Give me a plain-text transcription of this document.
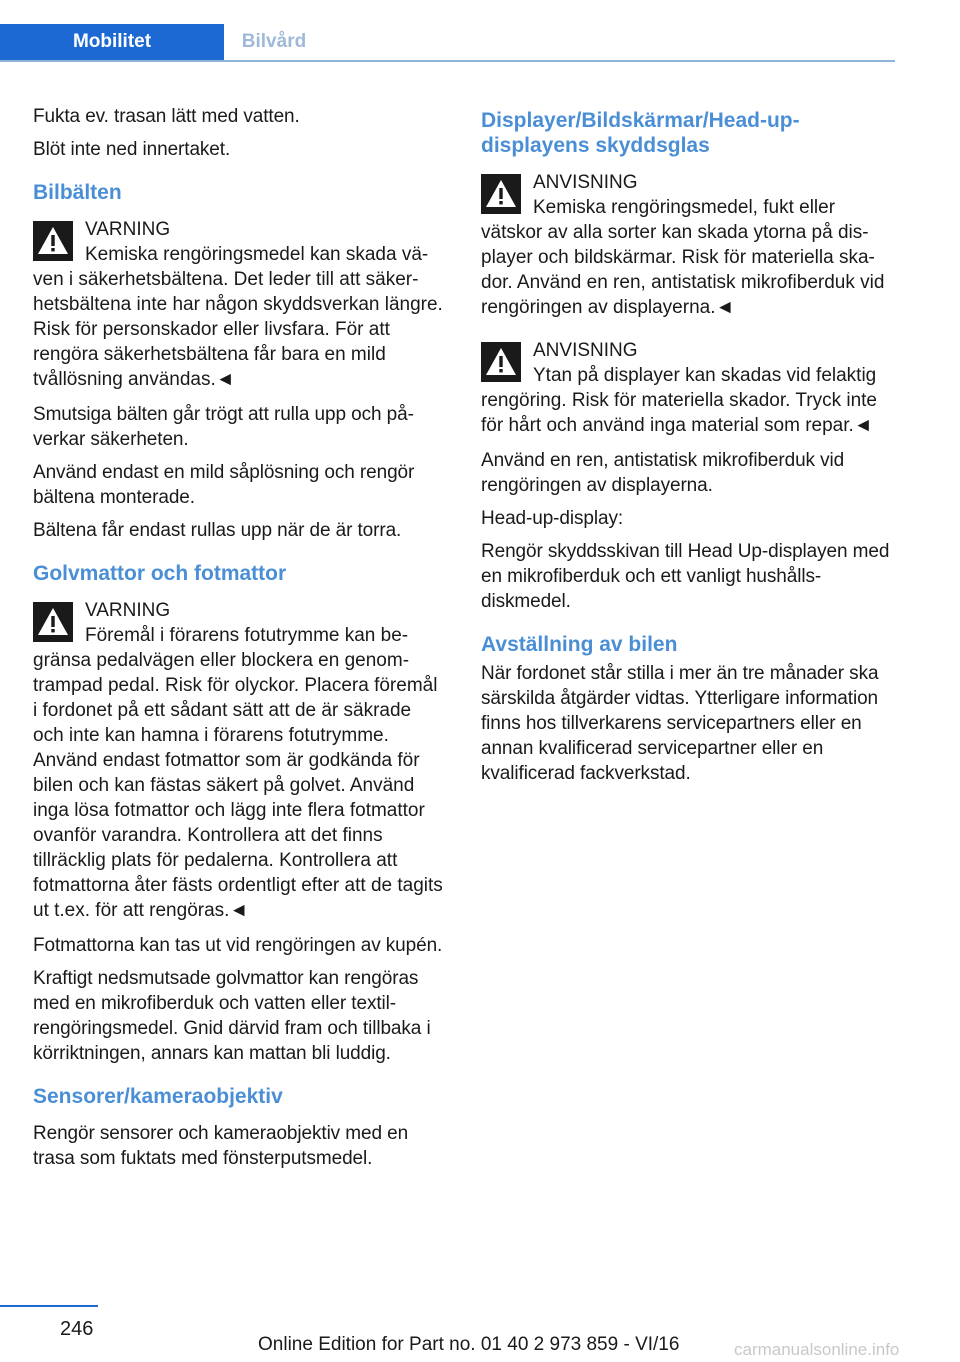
Mobilitet	Bilvård

Fukta ev. trasan lätt med vatten.

Blöt inte ned innertaket.

Bilbälten
VARNING
Kemiska rengöringsmedel kan skada väven i säkerhetsbältena. Det leder till att säkerhetsbältena inte har någon skyddsverkan längre. Risk för personskador eller livsfara. För att rengöra säkerhetsbältena får bara en mild tvållösning användas.◄

Smutsiga bälten går trögt att rulla upp och påverkar säkerheten.

Använd endast en mild såplösning och rengör bältena monterade.

Bältena får endast rullas upp när de är torra.

Golvmattor och fotmattor
VARNING
Föremål i förarens fotutrymme kan begränsa pedalvägen eller blockera en genomtrampad pedal. Risk för olyckor. Placera föremål i fordonet på ett sådant sätt att de är säkrade och inte kan hamna i förarens fotutrymme. Använd endast fotmattor som är godkända för bilen och kan fästas säkert på golvet. Använd inga lösa fotmattor och lägg inte flera fotmattor ovanför varandra. Kontrollera att det finns tillräcklig plats för pedalerna. Kontrollera att fotmattorna åter fästs ordentligt efter att de tagits ut t.ex. för att rengöras.◄

Fotmattorna kan tas ut vid rengöringen av kupén.

Kraftigt nedsmutsade golvmattor kan rengöras med en mikrofiberduk och vatten eller textilrengöringsmedel. Gnid därvid fram och tillbaka i körriktningen, annars kan mattan bli luddig.

Sensorer/kameraobjektiv

Rengör sensorer och kameraobjektiv med en trasa som fuktats med fönsterputsmedel.

Displayer/Bildskärmar/Head-up-displayens skyddsglas
ANVISNING
Kemiska rengöringsmedel, fukt eller vätskor av alla sorter kan skada ytorna på displayer och bildskärmar. Risk för materiella skador. Använd en ren, antistatisk mikrofiberduk vid rengöringen av displayerna.◄
ANVISNING
Ytan på displayer kan skadas vid felaktig rengöring. Risk för materiella skador. Tryck inte för hårt och använd inga material som repar.◄

Använd en ren, antistatisk mikrofiberduk vid rengöringen av displayerna.

Head-up-display:

Rengör skyddsskivan till Head Up-displayen med en mikrofiberduk och ett vanligt hushållsdiskmedel.

Avställning av bilen

När fordonet står stilla i mer än tre månader ska särskilda åtgärder vidtas. Ytterligare information finns hos tillverkarens servicepartners eller en annan kvalificerad servicepartner eller en kvalificerad fackverkstad.

246
Online Edition for Part no. 01 40 2 973 859 - VI/16	carmanualsonline.info
